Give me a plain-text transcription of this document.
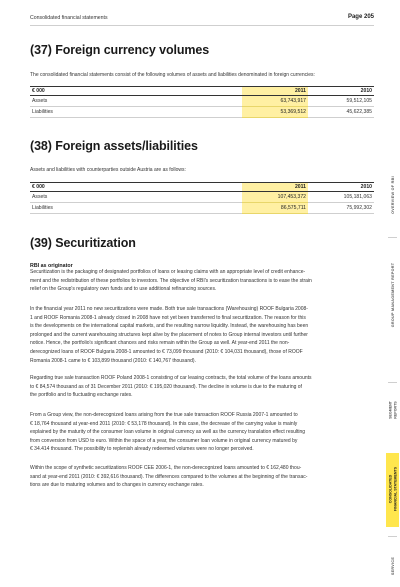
Consolidated financial statements	Page 205
(37) Foreign currency volumes
The consolidated financial statements consist of the following volumes of assets and liabilities denominated in foreign currencies:
€ 000	2011	2010
Assets	63,743,917	59,512,105
Liabilities	53,369,512	45,622,385
(38) Foreign assets/liabilities
Assets and liabilities with counterparties outside Austria are as follows:
€ 000	2011	2010
Assets	107,453,372	105,181,063
Liabilities	86,575,711	75,992,302
(39) Securitization
RBI as originator
Securitization is the packaging of designated portfolios of loans or leasing claims with an appropriate level of credit enhance-
ment and the redistribution of these portfolios to investors. The objective of RBI's securitization transactions is to ease the strain
relief on the Group's regulatory own funds and to use additional refinancing sources.
In the financial year 2011 no new securitizations were made. Both true sale transactions (Warehousing) ROOF Bulgaria 2008-
1 and ROOF Romania 2008-1 already closed in 2008 have not yet been transferred to final securitization. The reason for this
is the developments on the international capital markets, and the resulting narrow liquidity. Instead, the warehousing has been
prolonged and the current warehousing structures kept alive by the placement of notes to Group internal investors until further
notice. Hence, the portfolio's significant chances and risks remain within the Group as well. At year-end 2011 the non-
derecognized loans of ROOF Bulgaria 2008-1 amounted to € 73,099 thousand (2010: € 104,031 thousand), those of ROOF
Romania 2008-1 came to € 103,899 thousand (2010: € 140,767 thousand).
Regarding true sale transaction ROOF Poland 2008-1 consisting of car leasing contracts, the total volume of the loans amounts
to € 84,574 thousand as of 31 December 2011 (2010: € 195,020 thousand). The decline in volume is due to the maturing of
the portfolio and to fluctuating exchange rates.
From a Group view, the non-derecognized loans arising from the true sale transaction ROOF Russia 2007-1 amounted to
€ 18,764 thousand at year-end 2011 (2010: € 53,178 thousand). In this case, the decrease of the carrying value is mainly
explained by the maturity of the consumer loan volume in original currency as well as the currency translation effect resulting
from conversion from USD to euro. Within the space of a year, the consumer loan volume in original currency matured by
€ 34.414 thousand. The possibility to replenish already redeemed volumes were no longer perceived.
Within the scope of synthetic securitizations ROOF CEE 2006-1, the non-derecognized loans amounted to € 162,480 thou-
sand at year-end 2011 (2010: € 392,616 thousand). The differences compared to the volumes at the beginning of the transac-
tions are due to maturing volumes and to changes in currency exchange rates.
OVERVIEW OF RBI
GROUP MANAGEMENT REPORT
SEGMENT REPORTS
CONSOLIDATED FINANCIAL STATEMENTS
SERVICE
